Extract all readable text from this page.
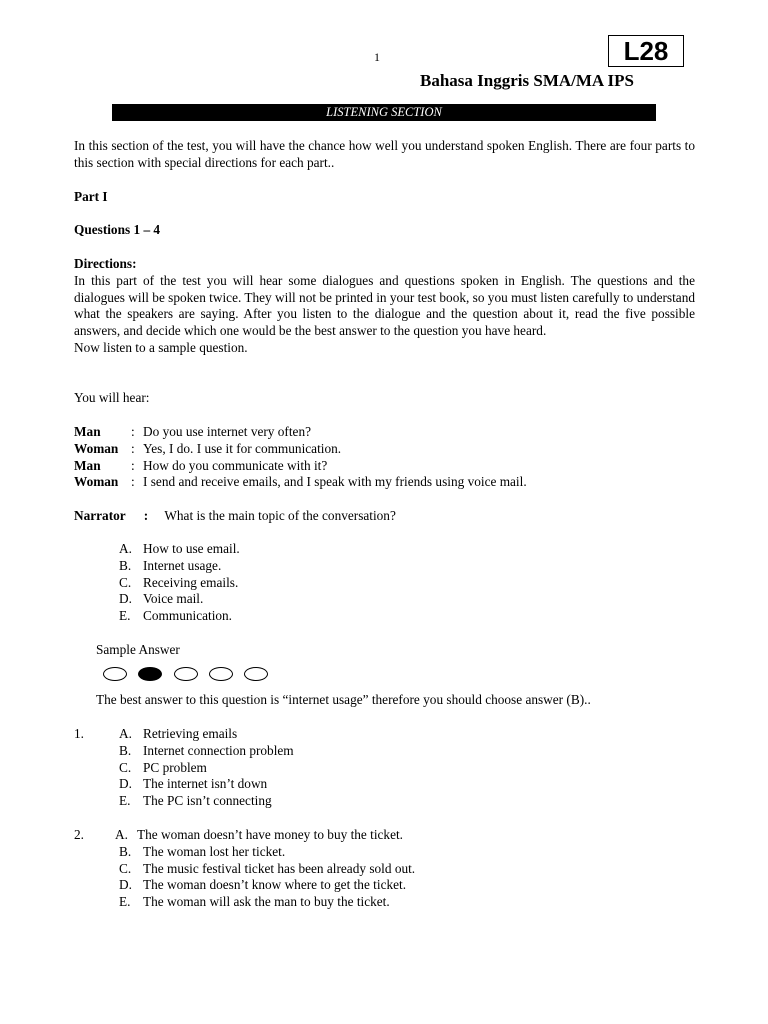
1	L28
Bahasa Inggris SMA/MA IPS
LISTENING SECTION
In this section of the test, you will have the chance how well you understand spoken English. There are four parts to this section with special directions for each part..
Part I
Questions 1 – 4
Directions:
In this part of the test you will hear some dialogues and questions spoken in English. The questions and the dialogues will be spoken twice. They will not be printed in your test book, so you must listen carefully to understand what the speakers are saying. After you listen to the dialogue and the question about it, read the five possible answers, and decide which one would be the best answer to the question you have heard.
Now listen to a sample question.
You will hear:
Man : Do you use internet very often?
Woman : Yes, I do. I use it for communication.
Man : How do you communicate with it?
Woman : I send and receive emails, and I speak with my friends using voice mail.
Narrator : What is the main topic of the conversation?
A. How to use email.
B. Internet usage.
C. Receiving emails.
D. Voice mail.
E. Communication.
Sample Answer
The best answer to this question is “internet usage” therefore you should choose answer (B)..
1.	A. Retrieving emails
B. Internet connection problem
C. PC problem
D. The internet isn’t down
E. The PC isn’t connecting
2. A. The woman doesn’t have money to buy the ticket.
B. The woman lost her ticket.
C. The music festival ticket has been already sold out.
D. The woman doesn’t know where to get the ticket.
E. The woman will ask the man to buy the ticket.
